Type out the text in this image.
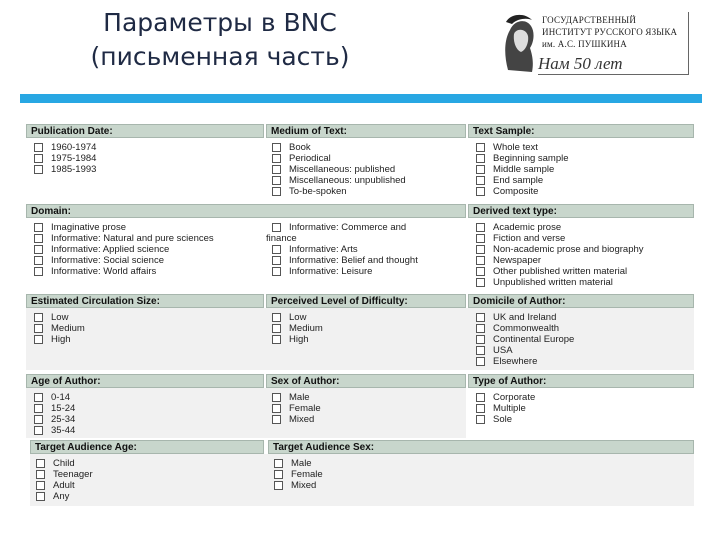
Параметры в BNC
(письменная часть)
ГОСУДАРСТВЕННЫЙ
ИНСТИТУТ РУССКОГО ЯЗЫКА
им. А.С. ПУШКИНА
Нам 50 лет
Publication Date:	Medium of Text:	Text Sample:
1960-1974
1975-1984
1985-1993
Book
Periodical
Miscellaneous: published
Miscellaneous: unpublished
To-be-spoken
Whole text
Beginning sample
Middle sample
End sample
Composite
Domain:	Derived text type:
Imaginative prose
Informative: Natural and pure sciences
Informative: Applied science
Informative: Social science
Informative: World affairs
Informative: Commerce and
finance
Informative: Arts
Informative: Belief and thought
Informative: Leisure
Academic prose
Fiction and verse
Non-academic prose and biography
Newspaper
Other published written material
Unpublished written material
Estimated Circulation Size:	Perceived Level of Difficulty:	Domicile of Author:
Low
Medium
High
Low
Medium
High
UK and Ireland
Commonwealth
Continental Europe
USA
Elsewhere
Age of Author:	Sex of Author:	Type of Author:
0-14
15-24
25-34
35-44
Male
Female
Mixed
Corporate
Multiple
Sole
Target Audience Age:	Target Audience Sex:
Child
Teenager
Adult
Any
Male
Female
Mixed
